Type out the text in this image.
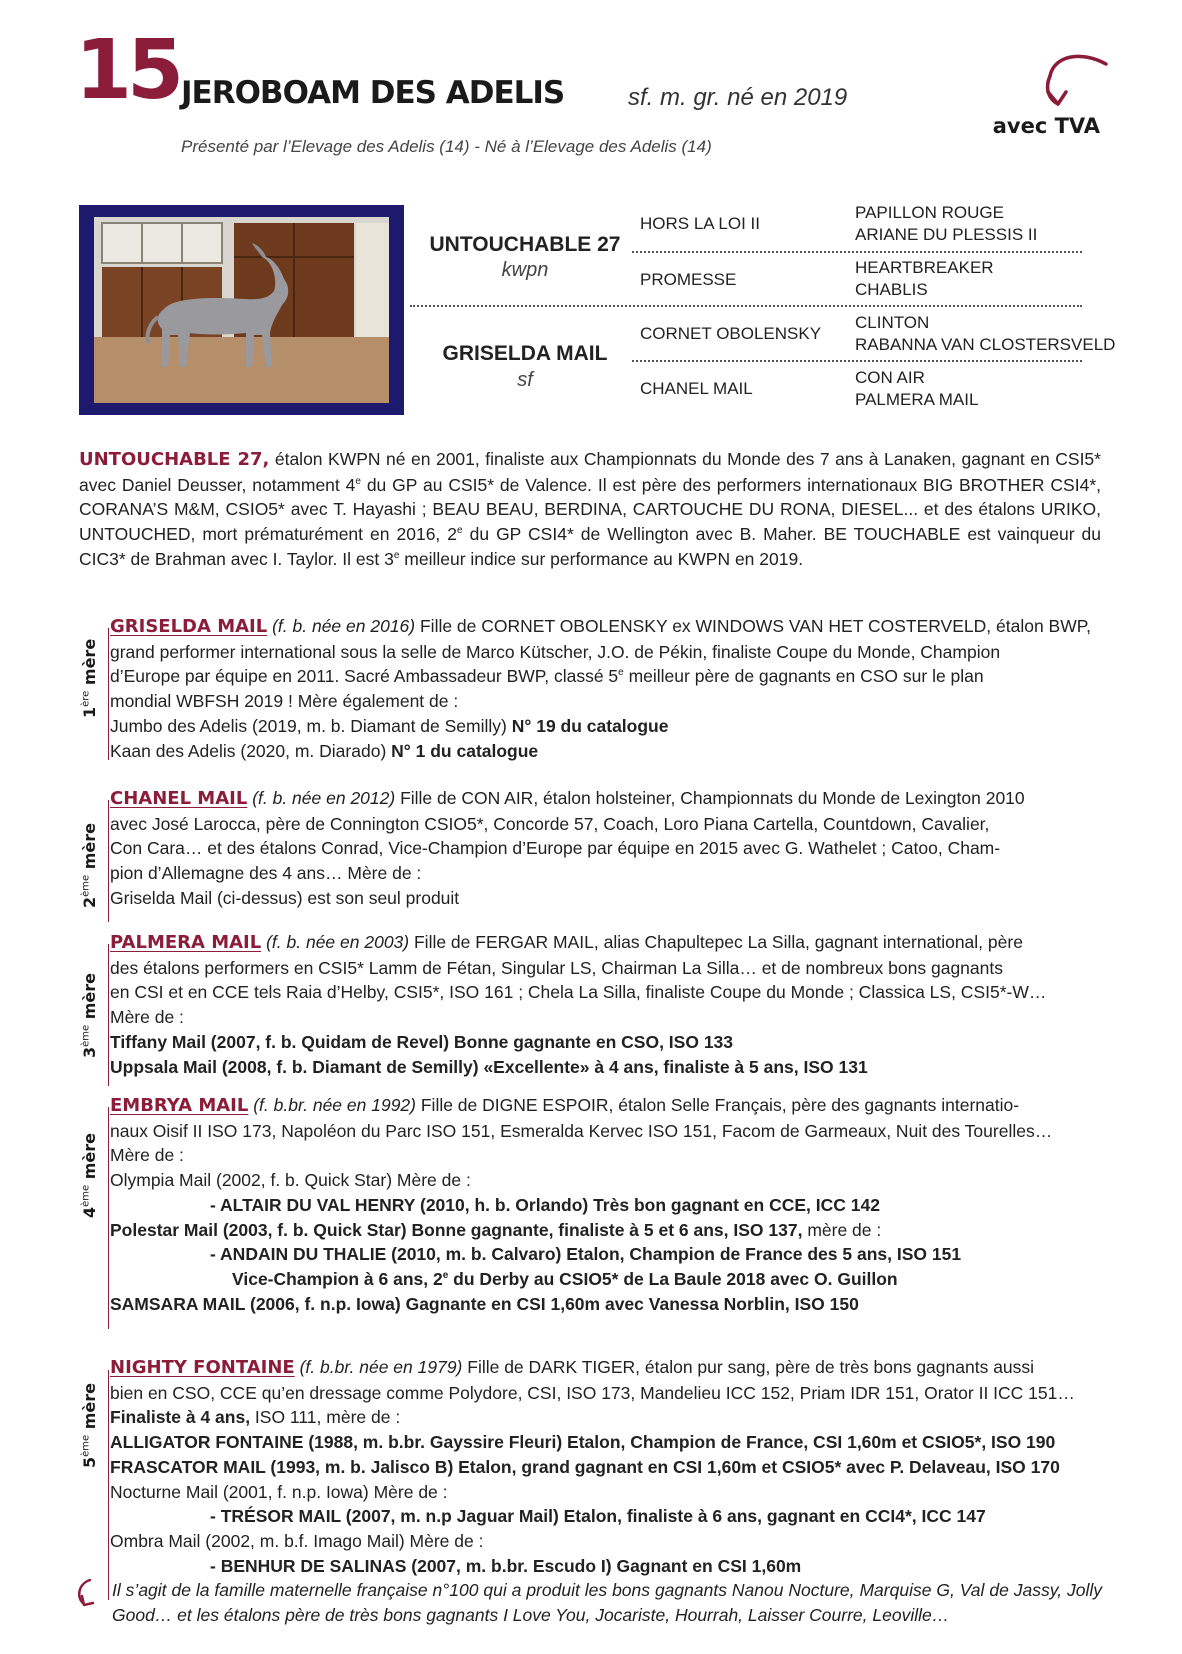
15 JEROBOAM DES ADELIS	sf. m. gr. né en 2019
Présenté par l’Elevage des Adelis (14) - Né à l’Elevage des Adelis (14)
avec TVA
UNTOUCHABLE 27
kwpn
GRISELDA MAIL
sf
HORS LA LOI II
PROMESSE
CORNET OBOLENSKY
CHANEL MAIL
PAPILLON ROUGE
ARIANE DU PLESSIS II
HEARTBREAKER
CHABLIS
CLINTON
RABANNA VAN CLOSTERSVELD
CON AIR
PALMERA MAIL
UNTOUCHABLE 27, étalon KWPN né en 2001, finaliste aux Championnats du Monde des 7 ans à Lanaken, gagnant en CSI5* avec Daniel Deusser, notamment 4e du GP au CSI5* de Valence. Il est père des performers internationaux BIG BROTHER CSI4*, CORANA’S M&M, CSIO5* avec T. Hayashi ; BEAU BEAU, BERDINA, CARTOUCHE DU RONA, DIESEL... et des étalons URIKO, UNTOUCHED, mort prématurément en 2016, 2e du GP CSI4* de Wellington avec B. Maher. BE TOUCHABLE est vainqueur du CIC3* de Brahman avec I. Taylor. Il est 3e meilleur indice sur performance au KWPN en 2019.
1ère mère
GRISELDA MAIL (f. b. née en 2016) Fille de CORNET OBOLENSKY ex WINDOWS VAN HET COSTERVELD, étalon BWP,
grand performer international sous la selle de Marco Kütscher, J.O. de Pékin, finaliste Coupe du Monde, Champion
d’Europe par équipe en 2011. Sacré Ambassadeur BWP, classé 5e meilleur père de gagnants en CSO sur le plan
mondial WBFSH 2019 ! Mère également de :
Jumbo des Adelis (2019, m. b. Diamant de Semilly) N° 19 du catalogue
Kaan des Adelis (2020, m. Diarado) N° 1 du catalogue
2ème mère
CHANEL MAIL (f. b. née en 2012) Fille de CON AIR, étalon holsteiner, Championnats du Monde de Lexington 2010
avec José Larocca, père de Connington CSIO5*, Concorde 57, Coach, Loro Piana Cartella, Countdown, Cavalier,
Con Cara… et des étalons Conrad, Vice-Champion d’Europe par équipe en 2015 avec G. Wathelet ; Catoo, Cham-
pion d’Allemagne des 4 ans… Mère de :
Griselda Mail (ci-dessus) est son seul produit
3ème mère
PALMERA MAIL (f. b. née en 2003) Fille de FERGAR MAIL, alias Chapultepec La Silla, gagnant international, père
des étalons performers en CSI5* Lamm de Fétan, Singular LS, Chairman La Silla… et de nombreux bons gagnants
en CSI et en CCE tels Raia d’Helby, CSI5*, ISO 161 ; Chela La Silla, finaliste Coupe du Monde ; Classica LS, CSI5*-W…
Mère de :
Tiffany Mail (2007, f. b. Quidam de Revel) Bonne gagnante en CSO, ISO 133
Uppsala Mail (2008, f. b. Diamant de Semilly) «Excellente» à 4 ans, finaliste à 5 ans, ISO 131
4ème mère
EMBRYA MAIL (f. b.br. née en 1992) Fille de DIGNE ESPOIR, étalon Selle Français, père des gagnants internatio-
naux Oisif II ISO 173, Napoléon du Parc ISO 151, Esmeralda Kervec ISO 151, Facom de Garmeaux, Nuit des Tourelles…
Mère de :
Olympia Mail (2002, f. b. Quick Star) Mère de :
- ALTAIR DU VAL HENRY (2010, h. b. Orlando) Très bon gagnant en CCE, ICC 142
Polestar Mail (2003, f. b. Quick Star) Bonne gagnante, finaliste à 5 et 6 ans, ISO 137, mère de :
- ANDAIN DU THALIE (2010, m. b. Calvaro) Etalon, Champion de France des 5 ans, ISO 151
Vice-Champion à 6 ans, 2e du Derby au CSIO5* de La Baule 2018 avec O. Guillon
SAMSARA MAIL (2006, f. n.p. Iowa) Gagnante en CSI 1,60m avec Vanessa Norblin, ISO 150
5ème mère
NIGHTY FONTAINE (f. b.br. née en 1979) Fille de DARK TIGER, étalon pur sang, père de très bons gagnants aussi
bien en CSO, CCE qu’en dressage comme Polydore, CSI, ISO 173, Mandelieu ICC 152, Priam IDR 151, Orator II ICC 151…
Finaliste à 4 ans, ISO 111, mère de :
ALLIGATOR FONTAINE (1988, m. b.br. Gayssire Fleuri) Etalon, Champion de France, CSI 1,60m et CSIO5*, ISO 190
FRASCATOR MAIL (1993, m. b. Jalisco B) Etalon, grand gagnant en CSI 1,60m et CSIO5* avec P. Delaveau, ISO 170
Nocturne Mail (2001, f. n.p. Iowa) Mère de :
- TRÉSOR MAIL (2007, m. n.p Jaguar Mail) Etalon, finaliste à 6 ans, gagnant en CCI4*, ICC 147
Ombra Mail (2002, m. b.f. Imago Mail) Mère de :
- BENHUR DE SALINAS (2007, m. b.br. Escudo I) Gagnant en CSI 1,60m
Il s’agit de la famille maternelle française n°100 qui a produit les bons gagnants Nanou Nocture, Marquise G, Val de Jassy, Jolly Good… et les étalons père de très bons gagnants I Love You, Jocariste, Hourrah, Laisser Courre, Leoville…
